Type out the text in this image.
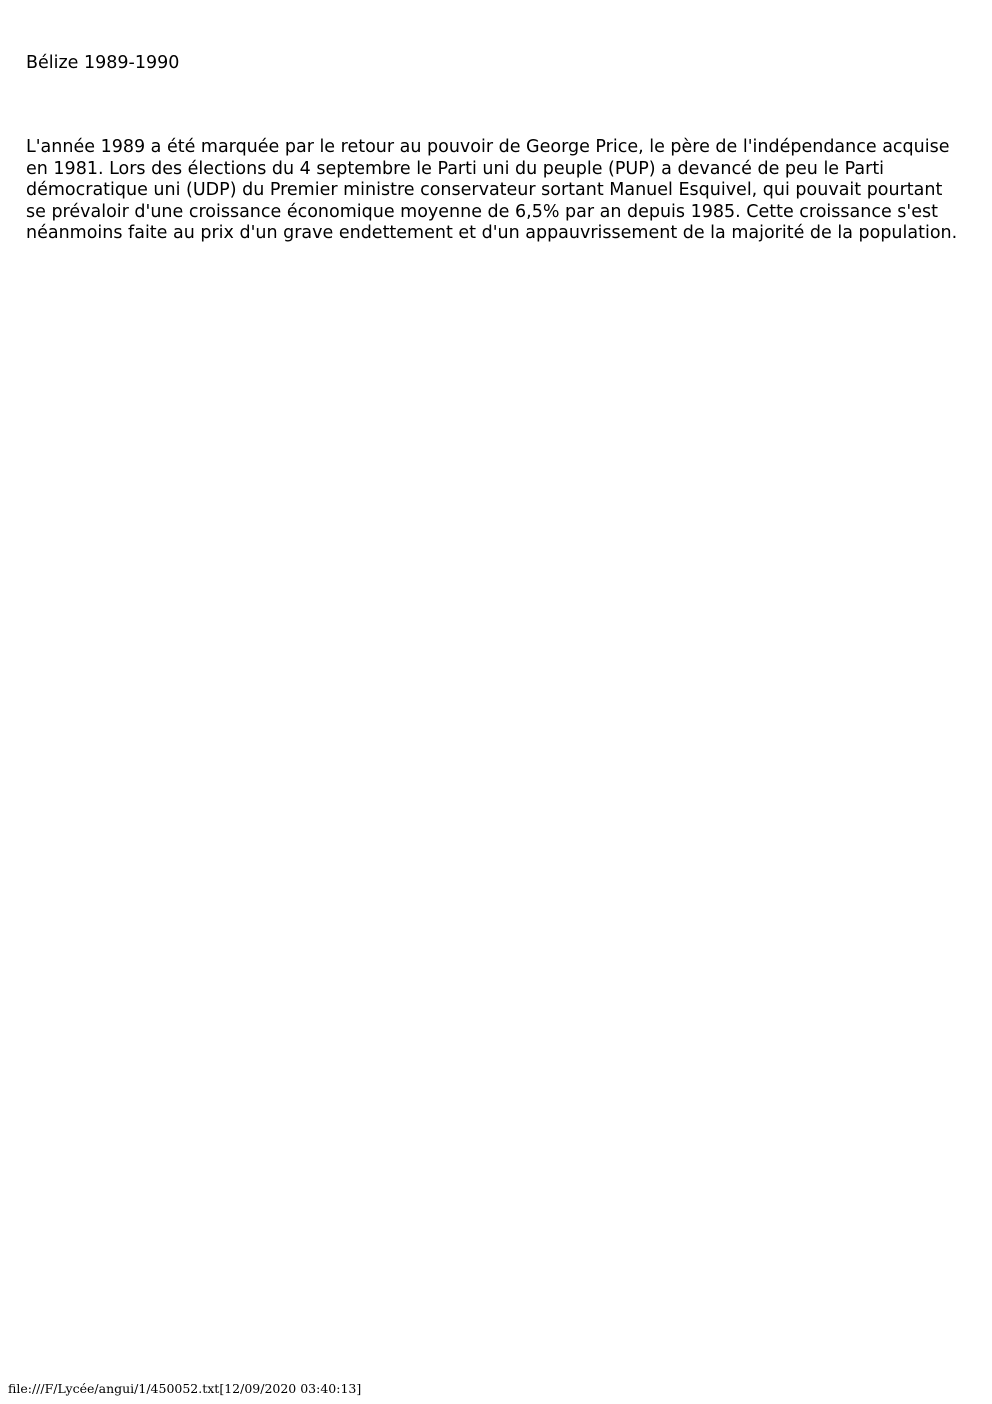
Bélize 1989-1990
L'année 1989 a été marquée par le retour au pouvoir de George Price, le père de l'indépendance acquise
en 1981. Lors des élections du 4 septembre le Parti uni du peuple (PUP) a devancé de peu le Parti
démocratique uni (UDP) du Premier ministre conservateur sortant Manuel Esquivel, qui pouvait pourtant
se prévaloir d'une croissance économique moyenne de 6,5% par an depuis 1985. Cette croissance s'est
néanmoins faite au prix d'un grave endettement et d'un appauvrissement de la majorité de la population.
file:///F/Lycée/angui/1/450052.txt[12/09/2020 03:40:13]
